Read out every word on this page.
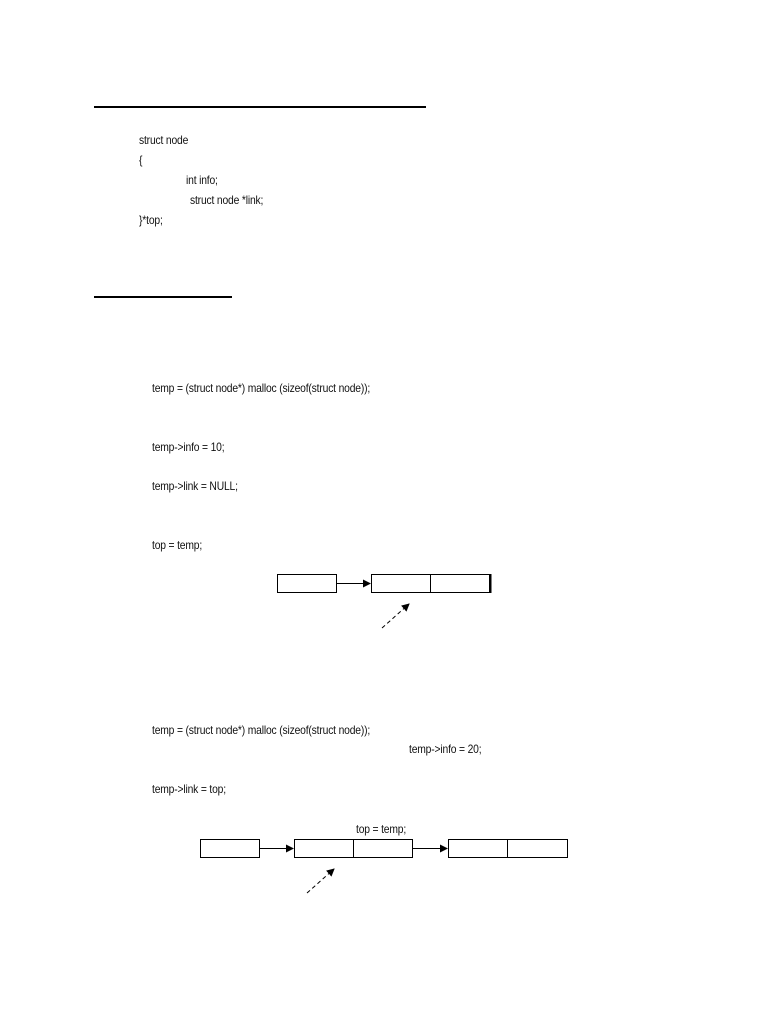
struct node
{
int info;
struct node *link;
}*top;
temp = (struct node*) malloc (sizeof(struct node));
temp->info = 10;
temp->link = NULL;
top = temp;
temp = (struct node*) malloc (sizeof(struct node));
temp->info = 20;
temp->link = top;
top = temp;
